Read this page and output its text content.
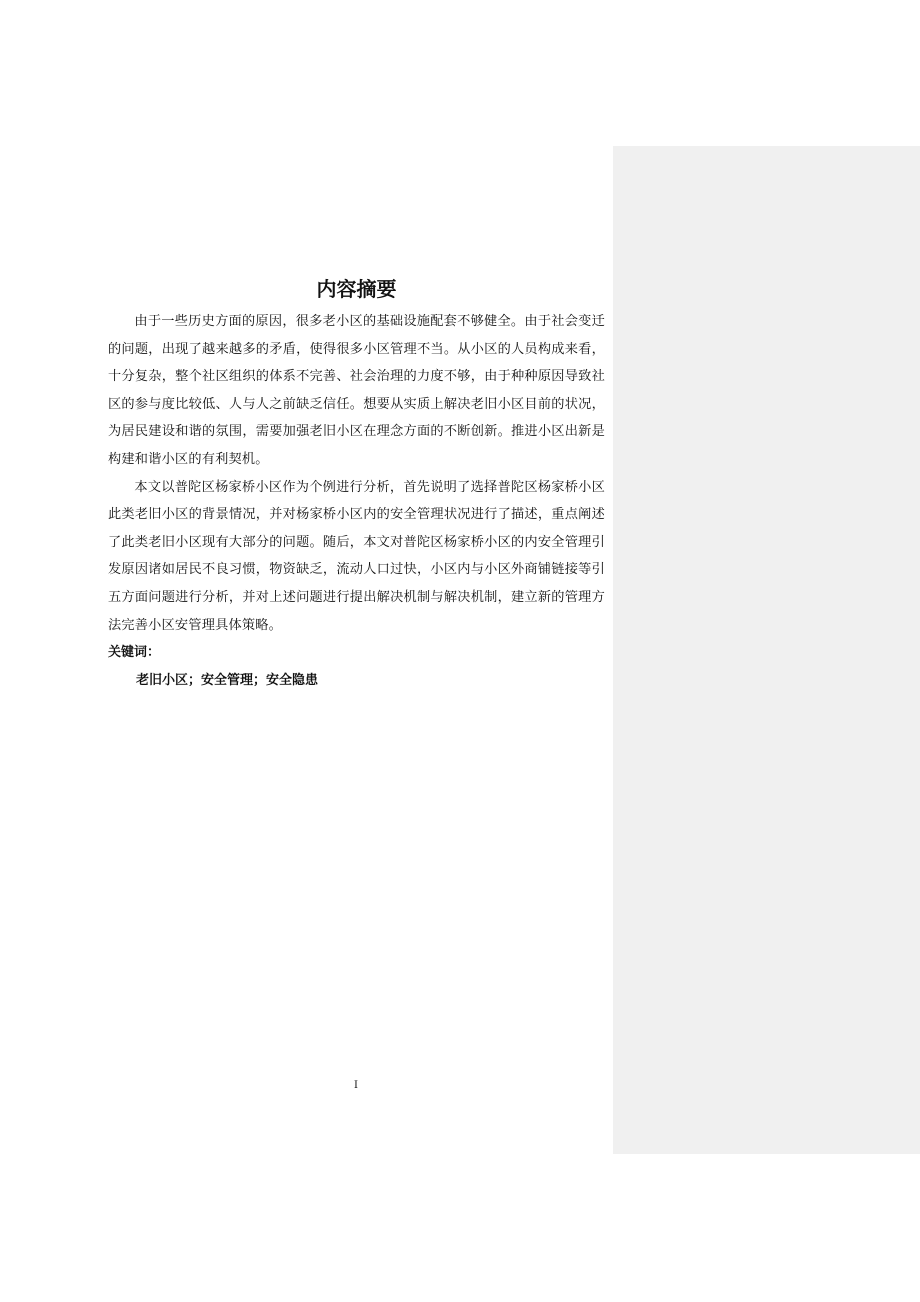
内容摘要

由于一些历史方面的原因，很多老小区的基础设施配套不够健全。由于社会变迁的问题，出现了越来越多的矛盾，使得很多小区管理不当。从小区的人员构成来看，十分复杂，整个社区组织的体系不完善、社会治理的力度不够，由于种种原因导致社区的参与度比较低、人与人之前缺乏信任。想要从实质上解决老旧小区目前的状况，为居民建设和谐的氛围，需要加强老旧小区在理念方面的不断创新。推进小区出新是构建和谐小区的有利契机。

本文以普陀区杨家桥小区作为个例进行分析，首先说明了选择普陀区杨家桥小区此类老旧小区的背景情况，并对杨家桥小区内的安全管理状况进行了描述，重点阐述了此类老旧小区现有大部分的问题。随后，本文对普陀区杨家桥小区的内安全管理引发原因诸如居民不良习惯，物资缺乏，流动人口过快，小区内与小区外商铺链接等引五方面问题进行分析，并对上述问题进行提出解决机制与解决机制，建立新的管理方法完善小区安管理具体策略。

关键词：

老旧小区；安全管理；安全隐患

I
